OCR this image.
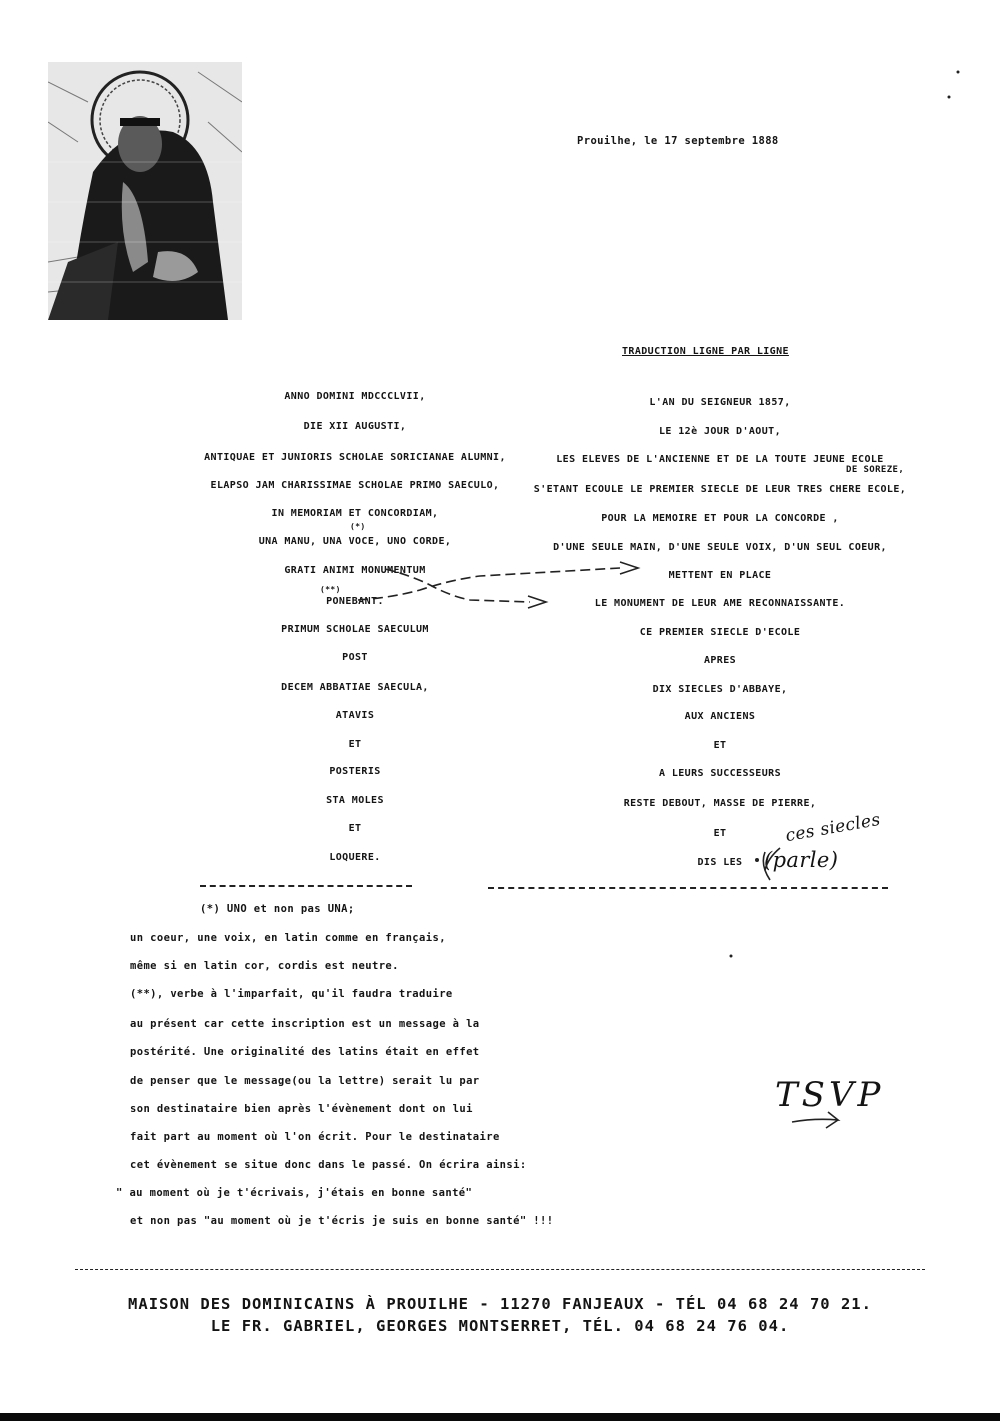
Prouilhe, le 17 septembre 1888
TRADUCTION LIGNE PAR LIGNE
ANNO DOMINI MDCCCLVII,
DIE XII AUGUSTI,
ANTIQUAE ET JUNIORIS SCHOLAE SORICIANAE ALUMNI,
ELAPSO JAM CHARISSIMAE SCHOLAE PRIMO SAECULO,
IN MEMORIAM ET CONCORDIAM,
UNA MANU, UNA VOCE, UNO CORDE,
GRATI ANIMI MONUMENTUM
PONEBANT.
PRIMUM SCHOLAE SAECULUM
POST
DECEM ABBATIAE SAECULA,
ATAVIS
ET
POSTERIS
STA MOLES
ET
LOQUERE.
(*)
(**)
L'AN DU SEIGNEUR 1857,
LE 12è JOUR D'AOUT,
LES ELEVES DE L'ANCIENNE ET DE LA TOUTE JEUNE ECOLE
S'ETANT ECOULE LE PREMIER SIECLE DE LEUR TRES CHERE ECOLE,
POUR LA MEMOIRE ET POUR LA CONCORDE ,
D'UNE SEULE MAIN, D'UNE SEULE VOIX, D'UN SEUL COEUR,
METTENT EN PLACE
LE MONUMENT DE LEUR AME RECONNAISSANTE.
CE PREMIER SIECLE D'ECOLE
APRES
DIX SIECLES D'ABBAYE,
AUX ANCIENS
ET
A LEURS SUCCESSEURS
RESTE DEBOUT, MASSE DE PIERRE,
ET
DIS LES
DE SOREZE,
ces siecles
(parle)
TSVP
(*) UNO et non pas UNA;
un coeur, une voix, en latin comme en français,
même si en latin cor, cordis est neutre.
(**), verbe à l'imparfait, qu'il faudra traduire
au présent car cette inscription est un message à la
postérité. Une originalité des latins était en effet
de penser que le message(ou la lettre) serait lu par
son destinataire bien après l'évènement dont on lui
fait part au moment où l'on écrit. Pour le destinataire
cet évènement se situe donc dans le passé. On écrira ainsi:
" au moment où je t'écrivais, j'étais en bonne santé"
et non pas "au moment où je t'écris je suis en bonne santé" !!!
MAISON DES DOMINICAINS À PROUILHE - 11270 FANJEAUX - TÉL 04 68 24 70 21.
LE FR. GABRIEL, GEORGES MONTSERRET, TÉL. 04 68 24 76 04.
